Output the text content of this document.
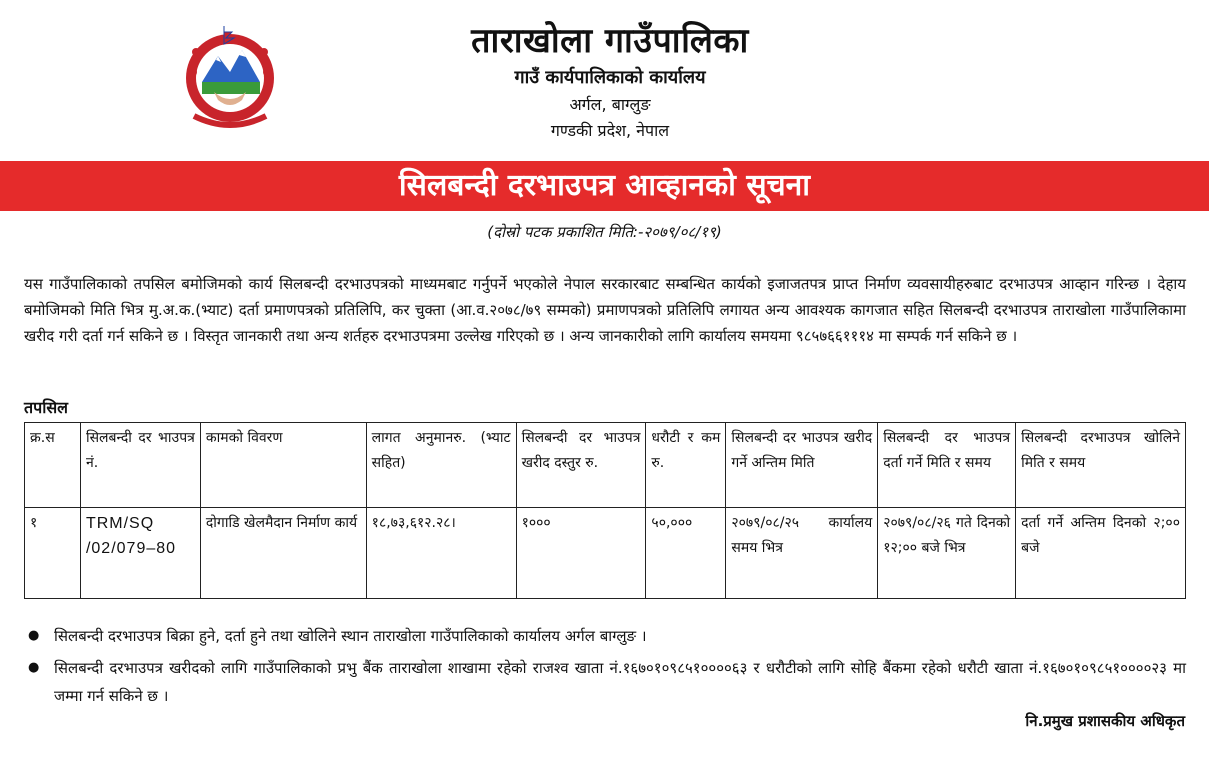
ताराखोला गाउँपालिका
गाउँ कार्यपालिकाको कार्यालय
अर्गल, बाग्लुङ
गण्डकी प्रदेश, नेपाल
सिलबन्दी दरभाउपत्र आव्हानको सूचना
(दोस्रो पटक प्रकाशित मिति:-२०७९/०८/१९)
यस गाउँपालिकाको तपसिल बमोजिमको कार्य सिलबन्दी दरभाउपत्रको माध्यमबाट गर्नुपर्ने भएकोले नेपाल सरकारबाट सम्बन्धित कार्यको इजाजतपत्र प्राप्त निर्माण व्यवसायीहरुबाट दरभाउपत्र आव्हान गरिन्छ । देहाय बमोजिमको मिति भित्र मु.अ.क.(भ्याट) दर्ता प्रमाणपत्रको प्रतिलिपि, कर चुक्ता (आ.व.२०७८/७९ सम्मको) प्रमाणपत्रको प्रतिलिपि लगायत अन्य आवश्यक कागजात सहित सिलबन्दी दरभाउपत्र ताराखोला गाउँपालिकामा खरीद गरी दर्ता गर्न सकिने छ । विस्तृत जानकारी तथा अन्य शर्तहरु दरभाउपत्रमा उल्लेख गरिएको छ । अन्य जानकारीको लागि कार्यालय समयमा ९८५७६६१११४ मा सम्पर्क गर्न सकिने छ ।
तपसिल
क्र.स	सिलबन्दी दर भाउपत्र नं.	कामको विवरण	लागत अनुमानरु. (भ्याट सहित)	सिलबन्दी दर भाउपत्र खरीद दस्तुर रु.	धरौटी र कम रु.	सिलबन्दी दर भाउपत्र खरीद गर्ने अन्तिम मिति	सिलबन्दी दर भाउपत्र दर्ता गर्ने मिति र समय	सिलबन्दी दरभाउपत्र खोलिने मिति र समय
१	TRM/SQ /02/079–80	दोगाडि खेलमैदान निर्माण कार्य	१८,७३,६१२.२८।	१०००	५०,०००	२०७९/०८/२५ कार्यालय समय भित्र	२०७९/०८/२६ गते दिनको १२;०० बजे भित्र	दर्ता गर्ने अन्तिम दिनको २;०० बजे
● सिलबन्दी दरभाउपत्र बिक्रा हुने, दर्ता हुने तथा खोलिने स्थान ताराखोला गाउँपालिकाको कार्यालय अर्गल बाग्लुङ ।
● सिलबन्दी दरभाउपत्र खरीदको लागि गाउँपालिकाको प्रभु बैंक ताराखोला शाखामा रहेको राजश्व खाता नं.१६७०१०९८५१००००६३ र धरौटीको लागि सोहि बैंकमा रहेको धरौटी खाता नं.१६७०१०९८५१००००२३ मा जम्मा गर्न सकिने छ ।
नि.प्रमुख प्रशासकीय अधिकृत
